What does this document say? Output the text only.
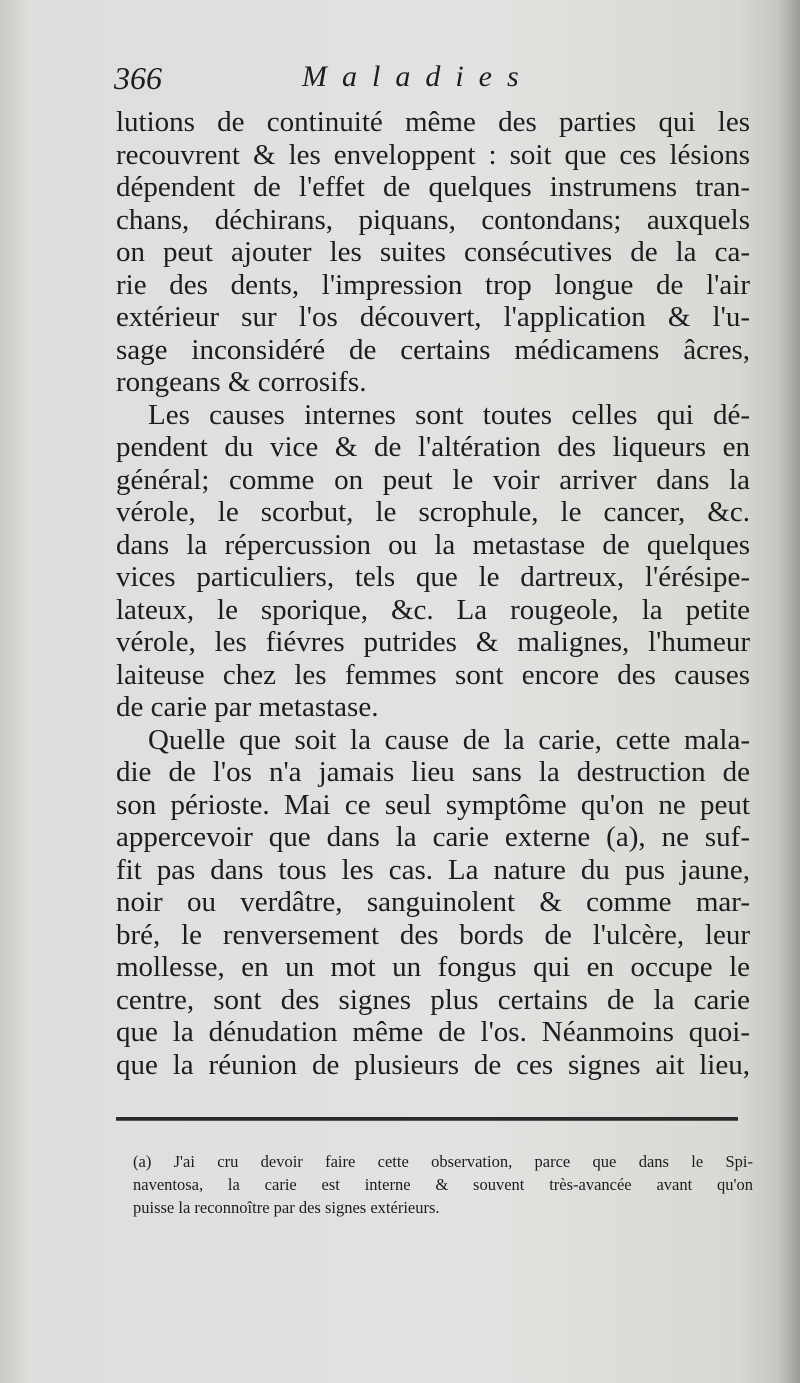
366	Maladies
lutions de continuité même des parties qui les
recouvrent & les enveloppent : soit que ces lésions
dépendent de l'effet de quelques instrumens tran-
chans, déchirans, piquans, contondans; auxquels
on peut ajouter les suites consécutives de la ca-
rie des dents, l'impression trop longue de l'air
extérieur sur l'os découvert, l'application & l'u-
sage inconsidéré de certains médicamens âcres,
rongeans & corrosifs.
Les causes internes sont toutes celles qui dé-
pendent du vice & de l'altération des liqueurs en
général; comme on peut le voir arriver dans la
vérole, le scorbut, le scrophule, le cancer, &c.
dans la répercussion ou la metastase de quelques
vices particuliers, tels que le dartreux, l'érésipe-
lateux, le sporique, &c. La rougeole, la petite
vérole, les fiévres putrides & malignes, l'humeur
laiteuse chez les femmes sont encore des causes
de carie par metastase.
Quelle que soit la cause de la carie, cette mala-
die de l'os n'a jamais lieu sans la destruction de
son périoste. Mai ce seul symptôme qu'on ne peut
appercevoir que dans la carie externe (a), ne suf-
fit pas dans tous les cas. La nature du pus jaune,
noir ou verdâtre, sanguinolent & comme mar-
bré, le renversement des bords de l'ulcère, leur
mollesse, en un mot un fongus qui en occupe le
centre, sont des signes plus certains de la carie
que la dénudation même de l'os. Néanmoins quoi-
que la réunion de plusieurs de ces signes ait lieu,
(a) J'ai cru devoir faire cette observation, parce que dans le Spi-
naventosa, la carie est interne & souvent très-avancée avant qu'on
puisse la reconnoître par des signes extérieurs.
